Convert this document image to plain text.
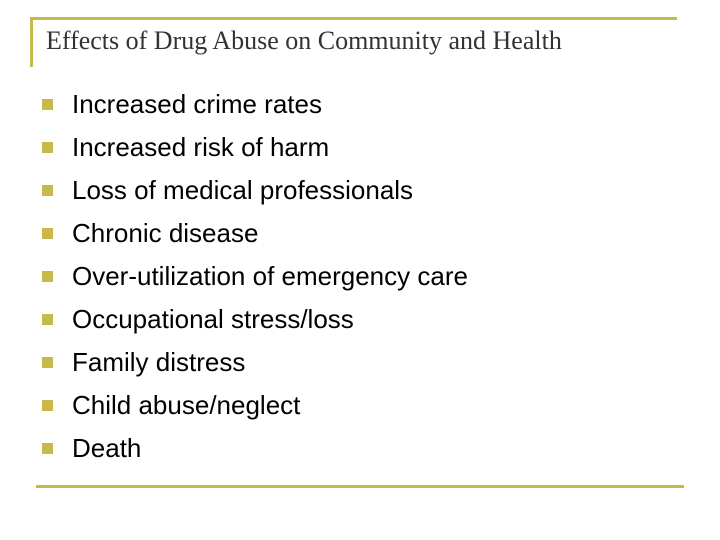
Effects of Drug Abuse on Community and Health
Increased crime rates
Increased risk of harm
Loss of medical professionals
Chronic disease
Over-utilization of emergency care
Occupational stress/loss
Family distress
Child abuse/neglect
Death
